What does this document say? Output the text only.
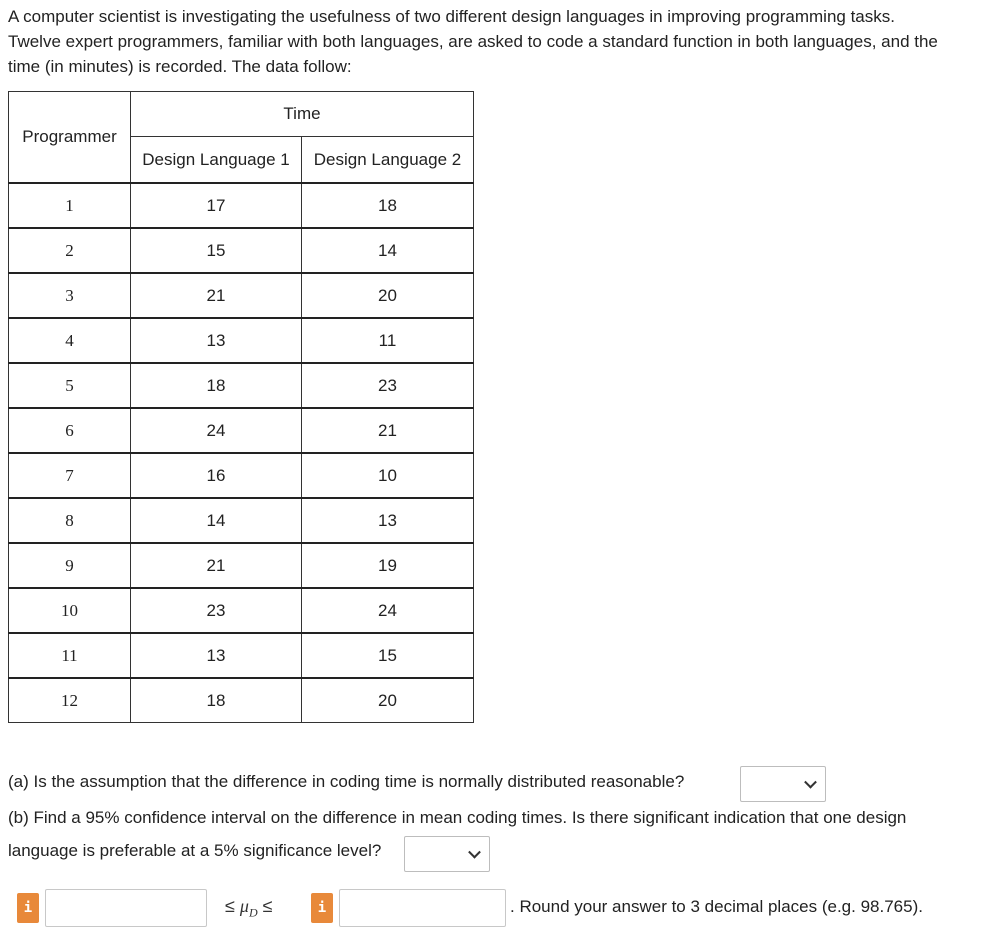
A computer scientist is investigating the usefulness of two different design languages in improving programming tasks.
Twelve expert programmers, familiar with both languages, are asked to code a standard function in both languages, and the
time (in minutes) is recorded. The data follow:
Programmer	Time	
	Design Language 1	Design Language 2
1	17	18
2	15	14
3	21	20
4	13	11
5	18	23
6	24	21
7	16	10
8	14	13
9	21	19
10	23	24
11	13	15
12	18	20
(a) Is the assumption that the difference in coding time is normally distributed reasonable?
(b) Find a 95% confidence interval on the difference in mean coding times. Is there significant indication that one design
language is preferable at a 5% significance level?
i	≤ $\mu_D$ ≤	i	. Round your answer to 3 decimal places (e.g. 98.765).
